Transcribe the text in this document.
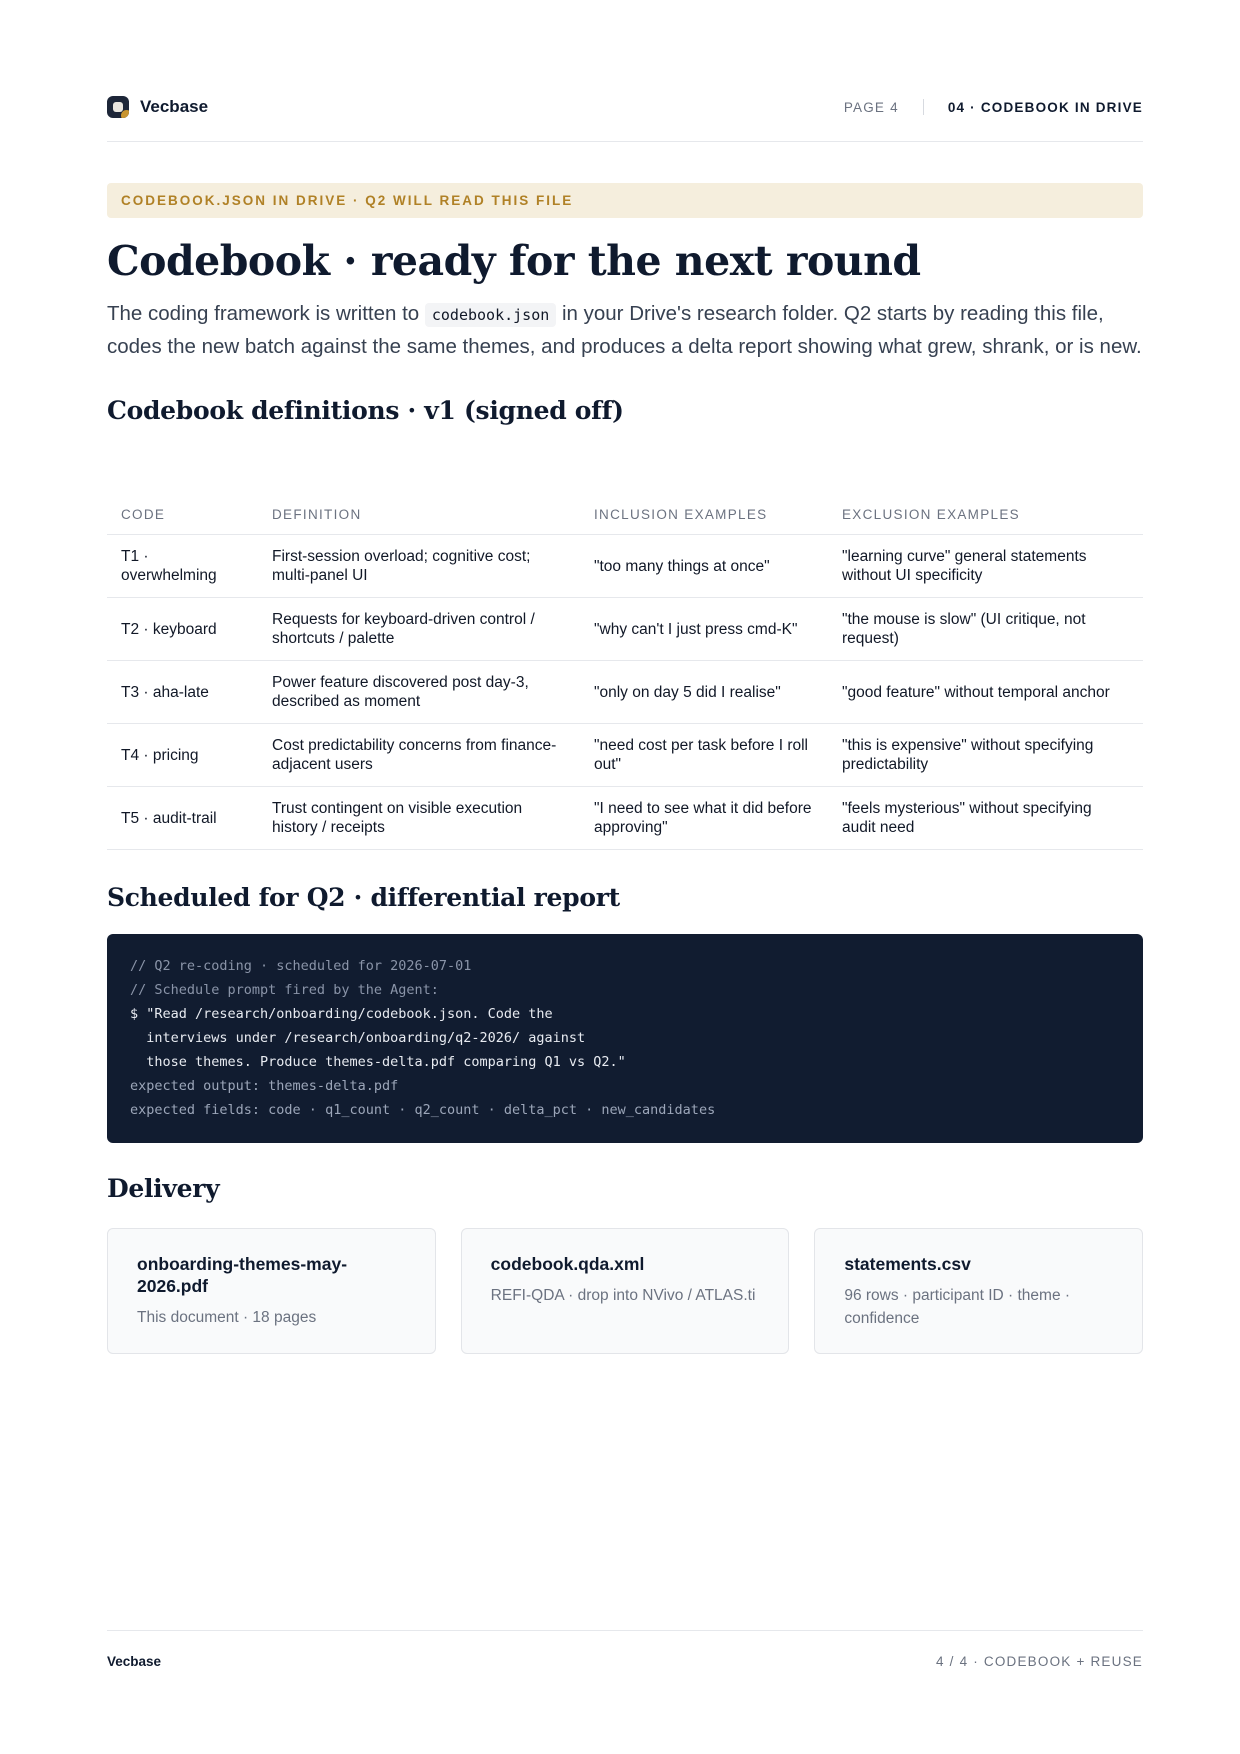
Vecbase	PAGE 4	04 · CODEBOOK IN DRIVE
CODEBOOK.JSON IN DRIVE · Q2 WILL READ THIS FILE
Codebook · ready for the next round

The coding framework is written to codebook.json in your Drive's research folder. Q2 starts by reading this file, codes the new batch against the same themes, and produces a delta report showing what grew, shrank, or is new.

Codebook definitions · v1 (signed off)
CODE	DEFINITION	INCLUSION EXAMPLES	EXCLUSION EXAMPLES
T1 · overwhelming	First-session overload; cognitive cost; multi-panel UI	"too many things at once"	"learning curve" general statements without UI specificity
T2 · keyboard	Requests for keyboard-driven control / shortcuts / palette	"why can't I just press cmd-K"	"the mouse is slow" (UI critique, not request)
T3 · aha-late	Power feature discovered post day-3, described as moment	"only on day 5 did I realise"	"good feature" without temporal anchor
T4 · pricing	Cost predictability concerns from finance-adjacent users	"need cost per task before I roll out"	"this is expensive" without specifying predictability
T5 · audit-trail	Trust contingent on visible execution history / receipts	"I need to see what it did before approving"	"feels mysterious" without specifying audit need
Scheduled for Q2 · differential report
// Q2 re-coding · scheduled for 2026-07-01
// Schedule prompt fired by the Agent:
$ "Read /research/onboarding/codebook.json. Code the
interviews under /research/onboarding/q2-2026/ against
those themes. Produce themes-delta.pdf comparing Q1 vs Q2."
expected output: themes-delta.pdf
expected fields: code · q1_count · q2_count · delta_pct · new_candidates
Delivery
onboarding-themes-may-2026.pdf
This document · 18 pages
codebook.qda.xml
REFI-QDA · drop into NVivo / ATLAS.ti
statements.csv
96 rows · participant ID · theme · confidence
Vecbase	4 / 4 · CODEBOOK + REUSE
